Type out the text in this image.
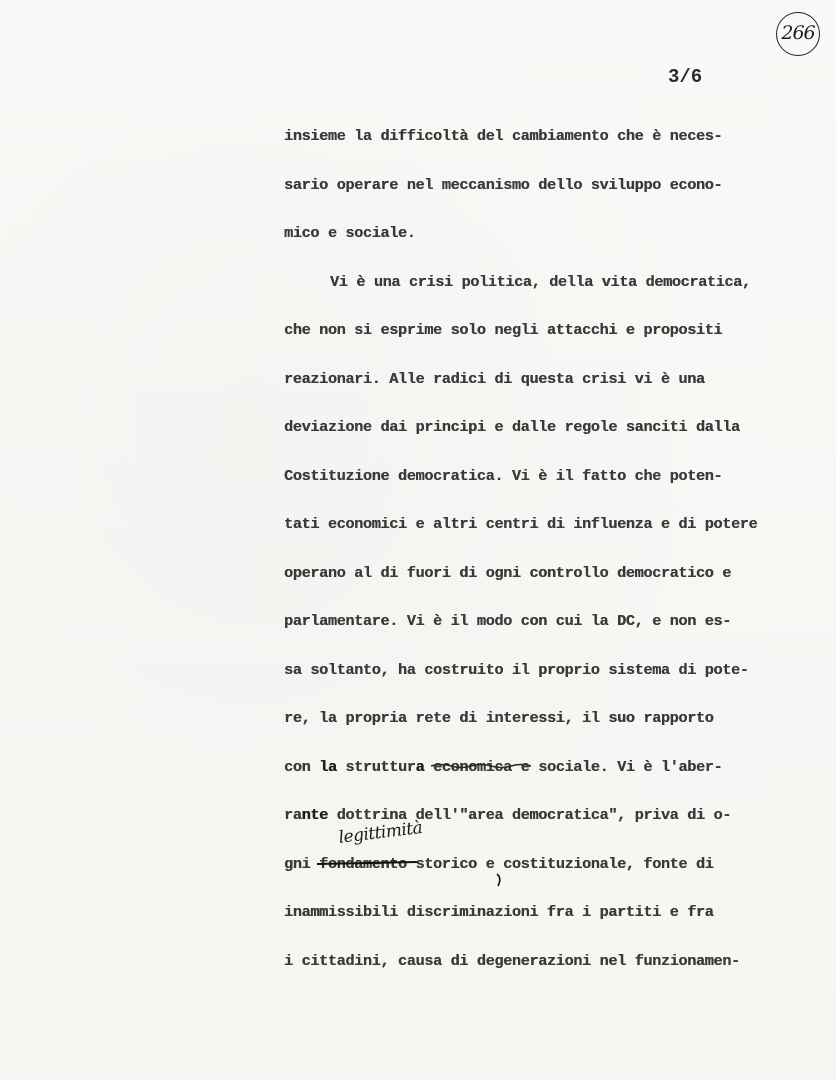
266
3/6
insieme la difficoltà del cambiamento che è neces-
sario operare nel meccanismo dello sviluppo econo-
mico e sociale.
Vi è una crisi politica, della vita democratica,
che non si esprime solo negli attacchi e propositi
reazionari. Alle radici di questa crisi vi è una
deviazione dai principi e dalle regole sanciti dalla
Costituzione democratica. Vi è il fatto che poten-
tati economici e altri centri di influenza e di potere
operano al di fuori di ogni controllo democratico e
parlamentare. Vi è il modo con cui la DC, e non es-
sa soltanto, ha costruito il proprio sistema di pote-
re, la propria rete di interessi, il suo rapporto
con la struttura economica
e sociale. Vi è l'aber-
rante dottrina dell'"area democratica", priva di o-
gni fondamento
storico e costituzionale, fonte di
inammissibili discriminazioni fra i partiti e fra
i cittadini, causa di degenerazioni nel funzionamen-
legittimità
